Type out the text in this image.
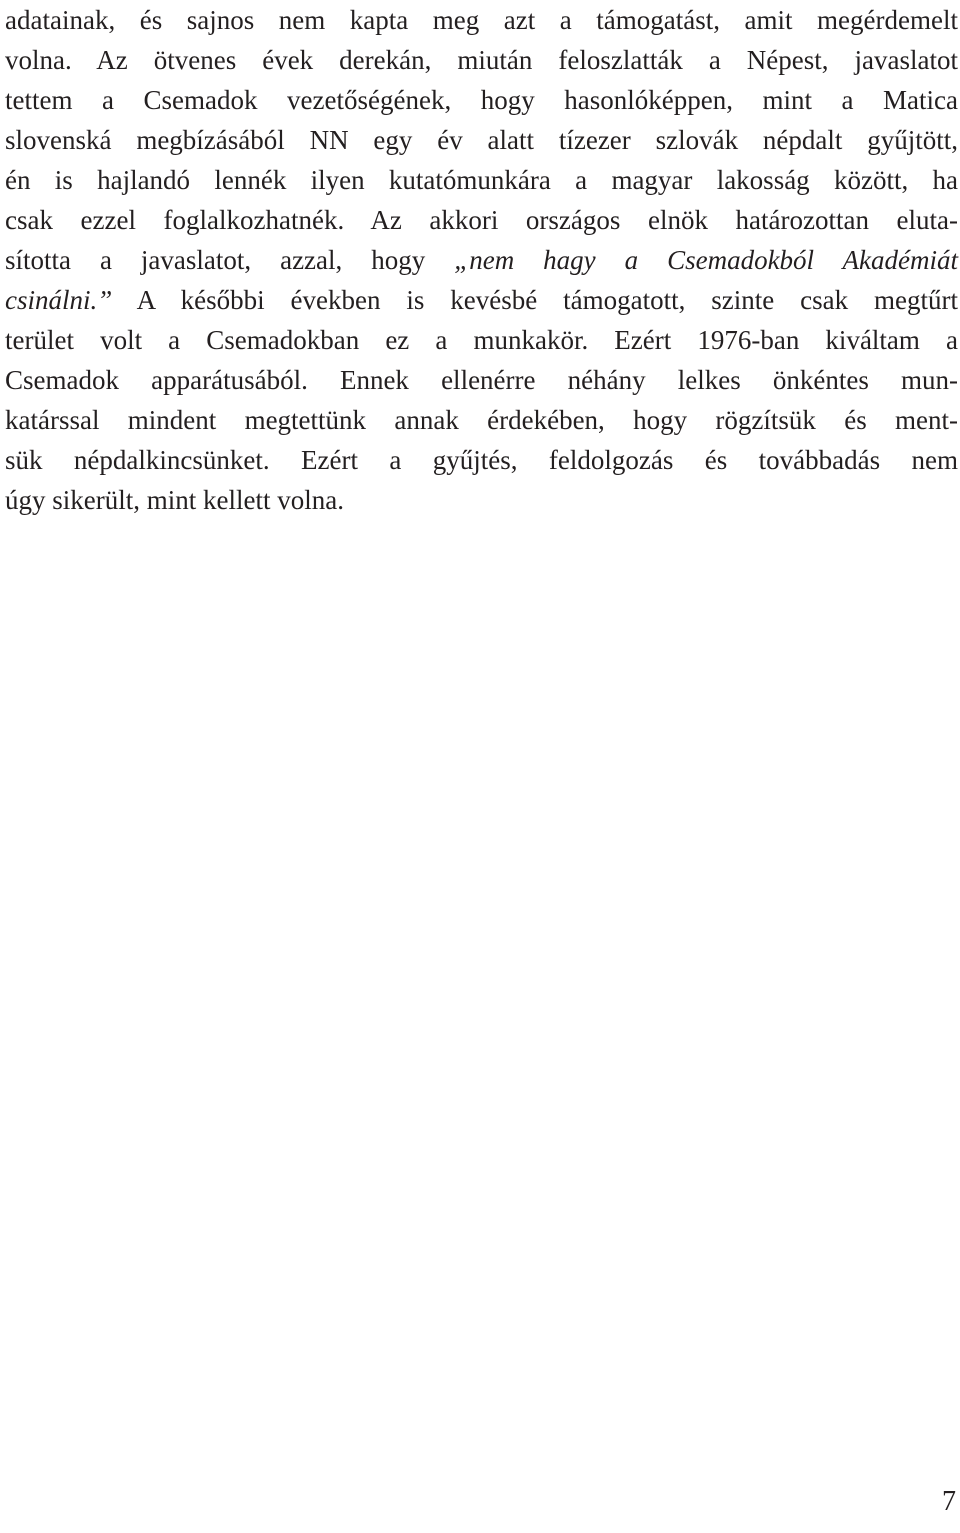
adatainak, és sajnos nem kapta meg azt a támogatást, amit megérdemelt
volna. Az ötvenes évek derekán, miután feloszlatták a Népest, javaslatot
tettem a Csemadok vezetőségének, hogy hasonlóképpen, mint a Matica
slovenská megbízásából NN egy év alatt tízezer szlovák népdalt gyűjtött,
én is hajlandó lennék ilyen kutatómunkára a magyar lakosság között, ha
csak ezzel foglalkozhatnék. Az akkori országos elnök határozottan eluta-
sította a javaslatot, azzal, hogy „nem hagy a Csemadokból Akadémiát
csinálni.” A későbbi években is kevésbé támogatott, szinte csak megtűrt
terület volt a Csemadokban ez a munkakör. Ezért 1976-ban kiváltam a
Csemadok apparátusából. Ennek ellenérre néhány lelkes önkéntes mun-
katárssal mindent megtettünk annak érdekében, hogy rögzítsük és ment-
sük népdalkincsünket. Ezért a gyűjtés, feldolgozás és továbbadás nem
úgy sikerült, mint kellett volna.

7
